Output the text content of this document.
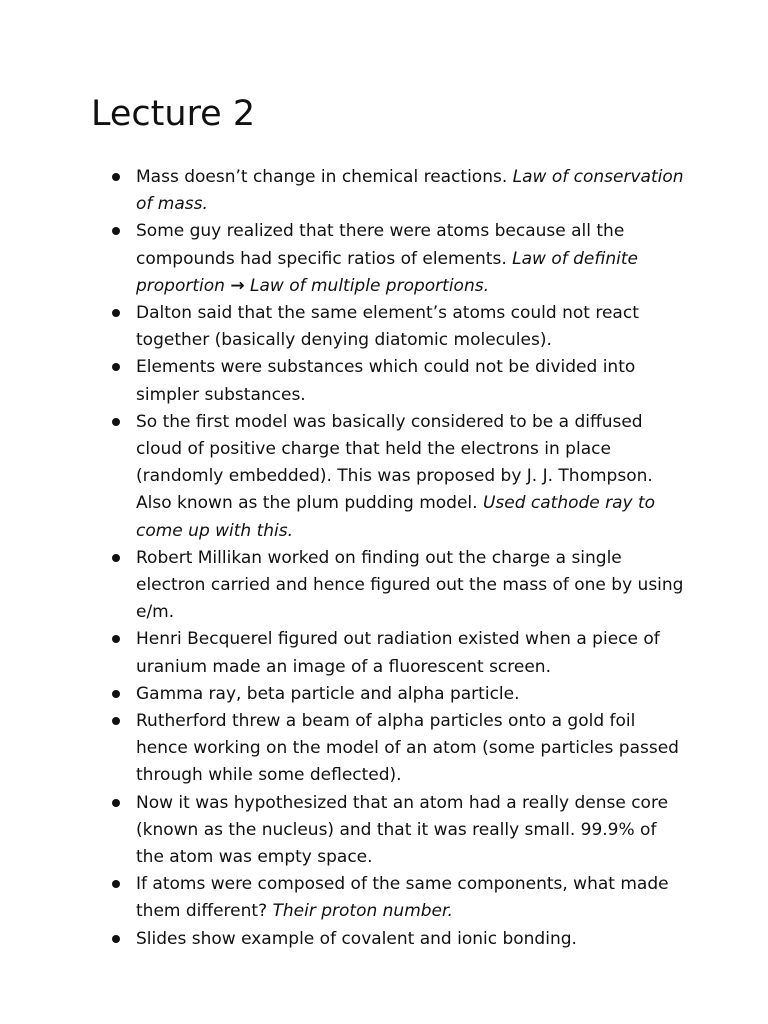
Lecture 2
Mass doesn’t change in chemical reactions. Law of conservation of mass.
Some guy realized that there were atoms because all the compounds had specific ratios of elements. Law of definite proportion → Law of multiple proportions.
Dalton said that the same element’s atoms could not react together (basically denying diatomic molecules).
Elements were substances which could not be divided into simpler substances.
So the first model was basically considered to be a diffused cloud of positive charge that held the electrons in place (randomly embedded). This was proposed by J. J. Thompson. Also known as the plum pudding model. Used cathode ray to come up with this.
Robert Millikan worked on finding out the charge a single electron carried and hence figured out the mass of one by using e/m.
Henri Becquerel figured out radiation existed when a piece of uranium made an image of a fluorescent screen.
Gamma ray, beta particle and alpha particle.
Rutherford threw a beam of alpha particles onto a gold foil hence working on the model of an atom (some particles passed through while some deflected).
Now it was hypothesized that an atom had a really dense core (known as the nucleus) and that it was really small. 99.9% of the atom was empty space.
If atoms were composed of the same components, what made them different? Their proton number.
Slides show example of covalent and ionic bonding.
